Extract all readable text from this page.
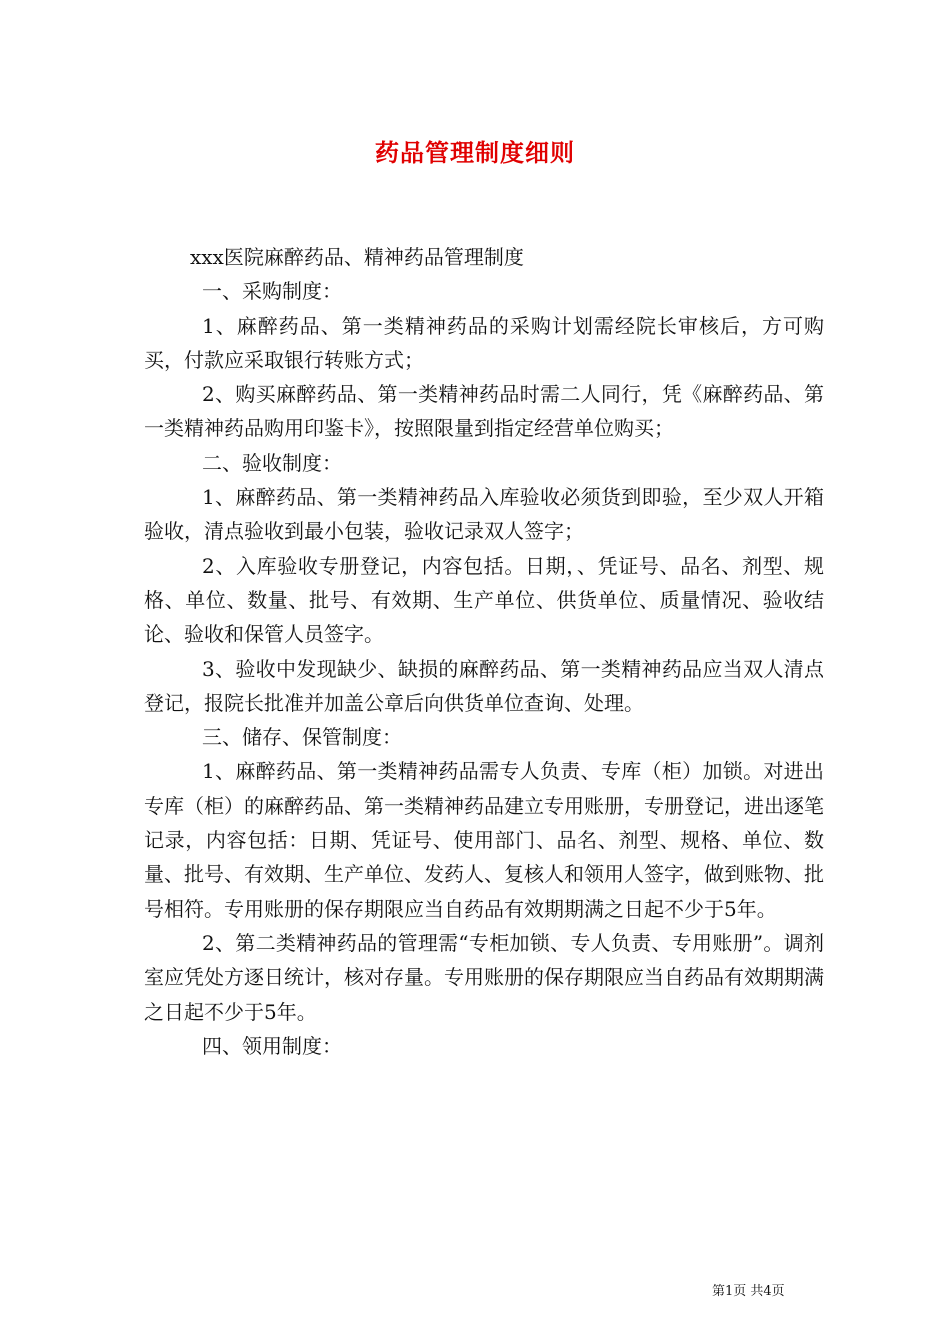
药品管理制度细则

xxx医院麻醉药品、精神药品管理制度

一、采购制度：

1、麻醉药品、第一类精神药品的采购计划需经院长审核后，方可购买，付款应采取银行转账方式；

2、购买麻醉药品、第一类精神药品时需二人同行，凭《麻醉药品、第一类精神药品购用印鉴卡》，按照限量到指定经营单位购买；

二、验收制度：

1、麻醉药品、第一类精神药品入库验收必须货到即验，至少双人开箱验收，清点验收到最小包装，验收记录双人签字；

2、入库验收专册登记，内容包括。日期，、凭证号、品名、剂型、规格、单位、数量、批号、有效期、生产单位、供货单位、质量情况、验收结论、验收和保管人员签字。

3、验收中发现缺少、缺损的麻醉药品、第一类精神药品应当双人清点登记，报院长批准并加盖公章后向供货单位查询、处理。

三、储存、保管制度：

1、麻醉药品、第一类精神药品需专人负责、专库（柜）加锁。对进出专库（柜）的麻醉药品、第一类精神药品建立专用账册，专册登记，进出逐笔记录，内容包括：日期、凭证号、使用部门、品名、剂型、规格、单位、数量、批号、有效期、生产单位、发药人、复核人和领用人签字，做到账物、批号相符。专用账册的保存期限应当自药品有效期期满之日起不少于5年。

2、第二类精神药品的管理需“专柜加锁、专人负责、专用账册”。调剂室应凭处方逐日统计，核对存量。专用账册的保存期限应当自药品有效期期满之日起不少于5年。

四、领用制度：

第1页 共4页
